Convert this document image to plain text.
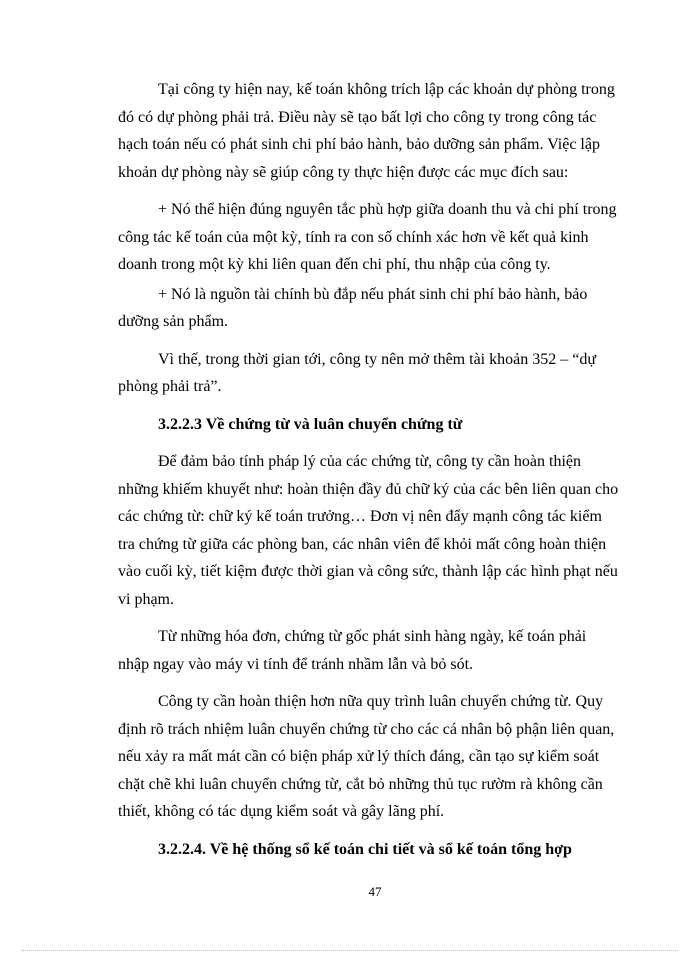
Tại công ty hiện nay, kế toán không trích lập các khoản dự phòng trong
đó có dự phòng phải trả. Điều này sẽ tạo bất lợi cho công ty trong công tác
hạch toán nếu có phát sinh chi phí bảo hành, bảo dưỡng sản phẩm. Việc lập
khoản dự phòng này sẽ giúp công ty thực hiện được các mục đích sau:

+ Nó thể hiện đúng nguyên tắc phù hợp giữa doanh thu và chi phí trong
công tác kế toán của một kỳ, tính ra con số chính xác hơn về kết quả kinh
doanh trong một kỳ khi liên quan đến chi phí, thu nhập của công ty.

+ Nó là nguồn tài chính bù đắp nếu phát sinh chi phí bảo hành, bảo
dưỡng sản phẩm.

Vì thế, trong thời gian tới, công ty nên mở thêm tài khoản 352 – “dự
phòng phải trả”.

3.2.2.3 Về chứng từ và luân chuyển chứng từ

Để đảm bảo tính pháp lý của các chứng từ, công ty cần hoàn thiện
những khiếm khuyết như: hoàn thiện đầy đủ chữ ký của các bên liên quan cho
các chứng từ: chữ ký kế toán trưởng… Đơn vị nên đẩy mạnh công tác kiểm
tra chứng từ giữa các phòng ban, các nhân viên để khỏi mất công hoàn thiện
vào cuối kỳ, tiết kiệm được thời gian và công sức, thành lập các hình phạt nếu
vi phạm.

Từ những hóa đơn, chứng từ gốc phát sinh hàng ngày, kế toán phải
nhập ngay vào máy vi tính để tránh nhầm lẫn và bỏ sót.

Công ty cần hoàn thiện hơn nữa quy trình luân chuyển chứng từ. Quy
định rõ trách nhiệm luân chuyển chứng từ cho các cá nhân bộ phận liên quan,
nếu xảy ra mất mát cần có biện pháp xử lý thích đáng, cần tạo sự kiểm soát
chặt chẽ khi luân chuyển chứng từ, cắt bỏ những thủ tục rườm rà không cần
thiết, không có tác dụng kiểm soát và gây lãng phí.

3.2.2.4. Về hệ thống sổ kế toán chi tiết và sổ kế toán tổng hợp
47
